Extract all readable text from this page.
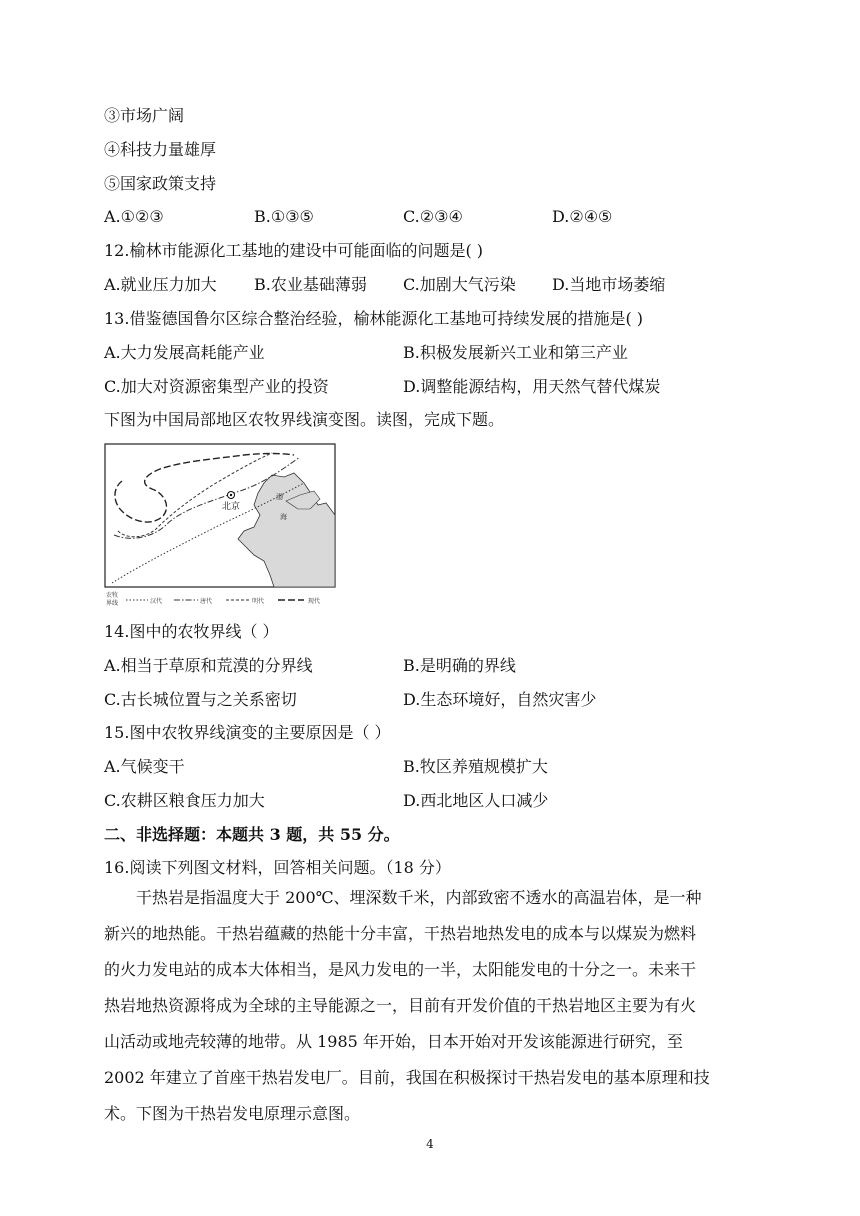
③市场广阔
④科技力量雄厚
⑤国家政策支持
A.①②③	B.①③⑤	C.②③④	D.②④⑤
12.榆林市能源化工基地的建设中可能面临的问题是( )
A.就业压力加大 B.农业基础薄弱 C.加剧大气污染 D.当地市场萎缩
13.借鉴德国鲁尔区综合整治经验，榆林能源化工基地可持续发展的措施是( )
A.大力发展高耗能产业	B.积极发展新兴工业和第三产业
C.加大对资源密集型产业的投资	D.调整能源结构，用天然气替代煤炭
下图为中国局部地区农牧界线演变图。读图，完成下题。
北京
渤
海
农牧
界线	汉代	唐代	明代	现代
14.图中的农牧界线（ ）
A.相当于草原和荒漠的分界线	B.是明确的界线
C.古长城位置与之关系密切	D.生态环境好，自然灾害少
15.图中农牧界线演变的主要原因是（ ）
A.气候变干	B.牧区养殖规模扩大
C.农耕区粮食压力加大	D.西北地区人口减少
二、非选择题：本题共 3 题，共 55 分。
16.阅读下列图文材料，回答相关问题。（18 分）
干热岩是指温度大于 200℃、埋深数千米，内部致密不透水的高温岩体，是一种
新兴的地热能。干热岩蕴藏的热能十分丰富，干热岩地热发电的成本与以煤炭为燃料
的火力发电站的成本大体相当，是风力发电的一半，太阳能发电的十分之一。未来干
热岩地热资源将成为全球的主导能源之一，目前有开发价值的干热岩地区主要为有火
山活动或地壳较薄的地带。从 1985 年开始，日本开始对开发该能源进行研究，至
2002 年建立了首座干热岩发电厂。目前，我国在积极探讨干热岩发电的基本原理和技
术。下图为干热岩发电原理示意图。
4
